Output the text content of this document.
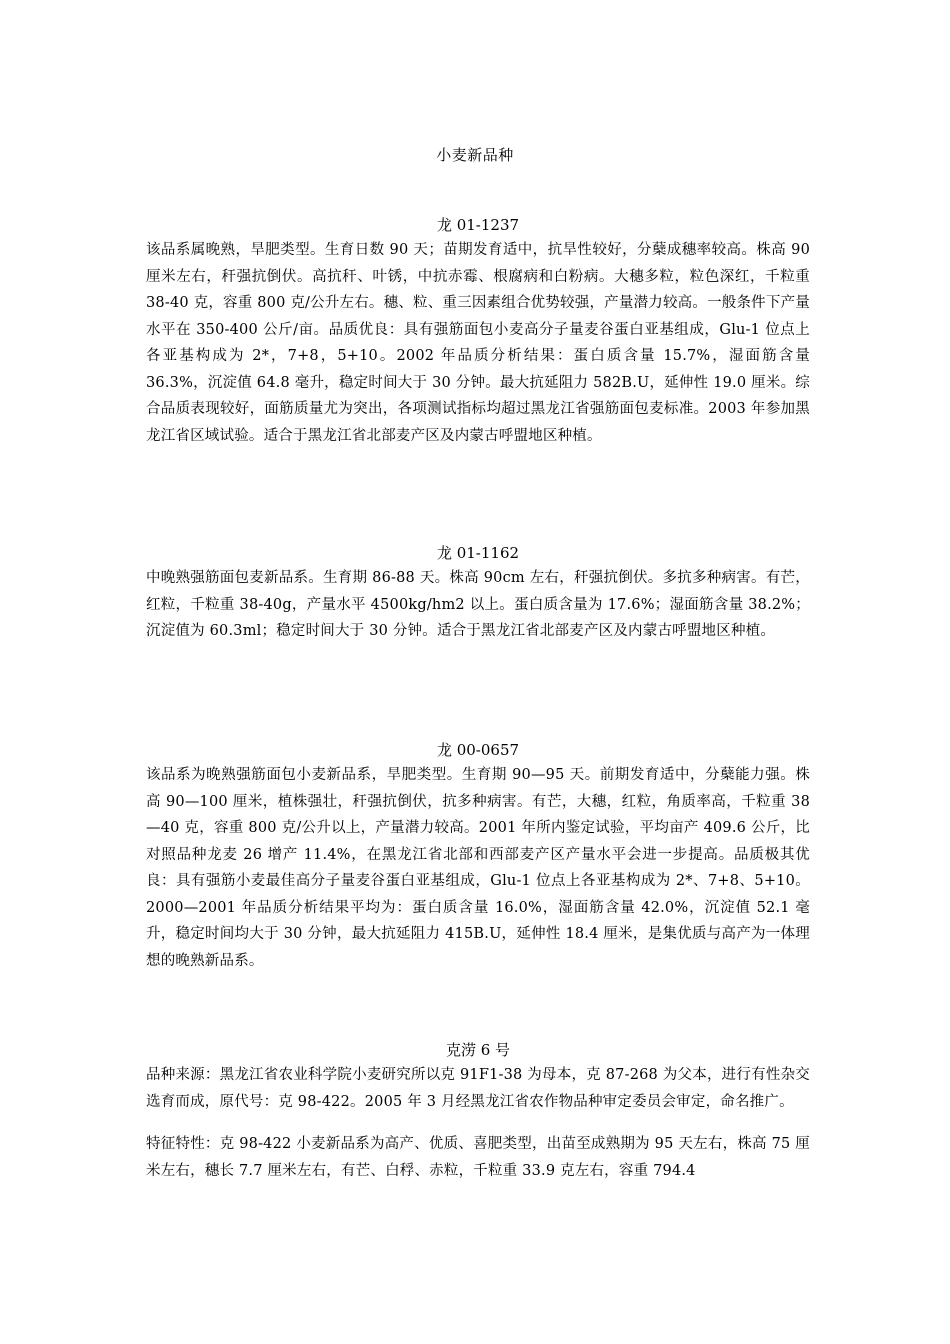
小麦新品种
龙 01-1237

该品系属晚熟，旱肥类型。生育日数 90 天；苗期发育适中，抗旱性较好，分蘖成穗率较高。株高 90 厘米左右，秆强抗倒伏。高抗秆、叶锈，中抗赤霉、根腐病和白粉病。大穗多粒，粒色深红，千粒重 38-40 克，容重 800 克/公升左右。穗、粒、重三因素组合优势较强，产量潜力较高。一般条件下产量水平在 350-400 公斤/亩。品质优良：具有强筋面包小麦高分子量麦谷蛋白亚基组成，Glu-1 位点上各亚基构成为 2*，7+8，5+10。2002 年品质分析结果：蛋白质含量 15.7%，湿面筋含量 36.3%，沉淀值 64.8 毫升，稳定时间大于 30 分钟。最大抗延阻力 582B.U，延伸性 19.0 厘米。综合品质表现较好，面筋质量尤为突出，各项测试指标均超过黑龙江省强筋面包麦标准。2003 年参加黑龙江省区域试验。适合于黑龙江省北部麦产区及内蒙古呼盟地区种植。

龙 01-1162

中晚熟强筋面包麦新品系。生育期 86-88 天。株高 90cm 左右，秆强抗倒伏。多抗多种病害。有芒，红粒，千粒重 38-40g，产量水平 4500kg/hm2 以上。蛋白质含量为 17.6%；湿面筋含量 38.2%；沉淀值为 60.3ml；稳定时间大于 30 分钟。适合于黑龙江省北部麦产区及内蒙古呼盟地区种植。

龙 00-0657

该品系为晚熟强筋面包小麦新品系，旱肥类型。生育期 90—95 天。前期发育适中，分蘖能力强。株高 90—100 厘米，植株强壮，秆强抗倒伏，抗多种病害。有芒，大穗，红粒，角质率高，千粒重 38—40 克，容重 800 克/公升以上，产量潜力较高。2001 年所内鉴定试验，平均亩产 409.6 公斤，比对照品种龙麦 26 增产 11.4%，在黑龙江省北部和西部麦产区产量水平会进一步提高。品质极其优良：具有强筋小麦最佳高分子量麦谷蛋白亚基组成，Glu-1 位点上各亚基构成为 2*、7+8、5+10。2000—2001 年品质分析结果平均为：蛋白质含量 16.0%，湿面筋含量 42.0%，沉淀值 52.1 毫升，稳定时间均大于 30 分钟，最大抗延阻力 415B.U，延伸性 18.4 厘米，是集优质与高产为一体理想的晚熟新品系。

克涝 6 号

品种来源：黑龙江省农业科学院小麦研究所以克 91F1-38 为母本，克 87-268 为父本，进行有性杂交选育而成，原代号：克 98-422。2005 年 3 月经黑龙江省农作物品种审定委员会审定，命名推广。

特征特性：克 98-422 小麦新品系为高产、优质、喜肥类型，出苗至成熟期为 95 天左右，株高 75 厘米左右，穗长 7.7 厘米左右，有芒、白稃、赤粒，千粒重 33.9 克左右，容重 794.4
